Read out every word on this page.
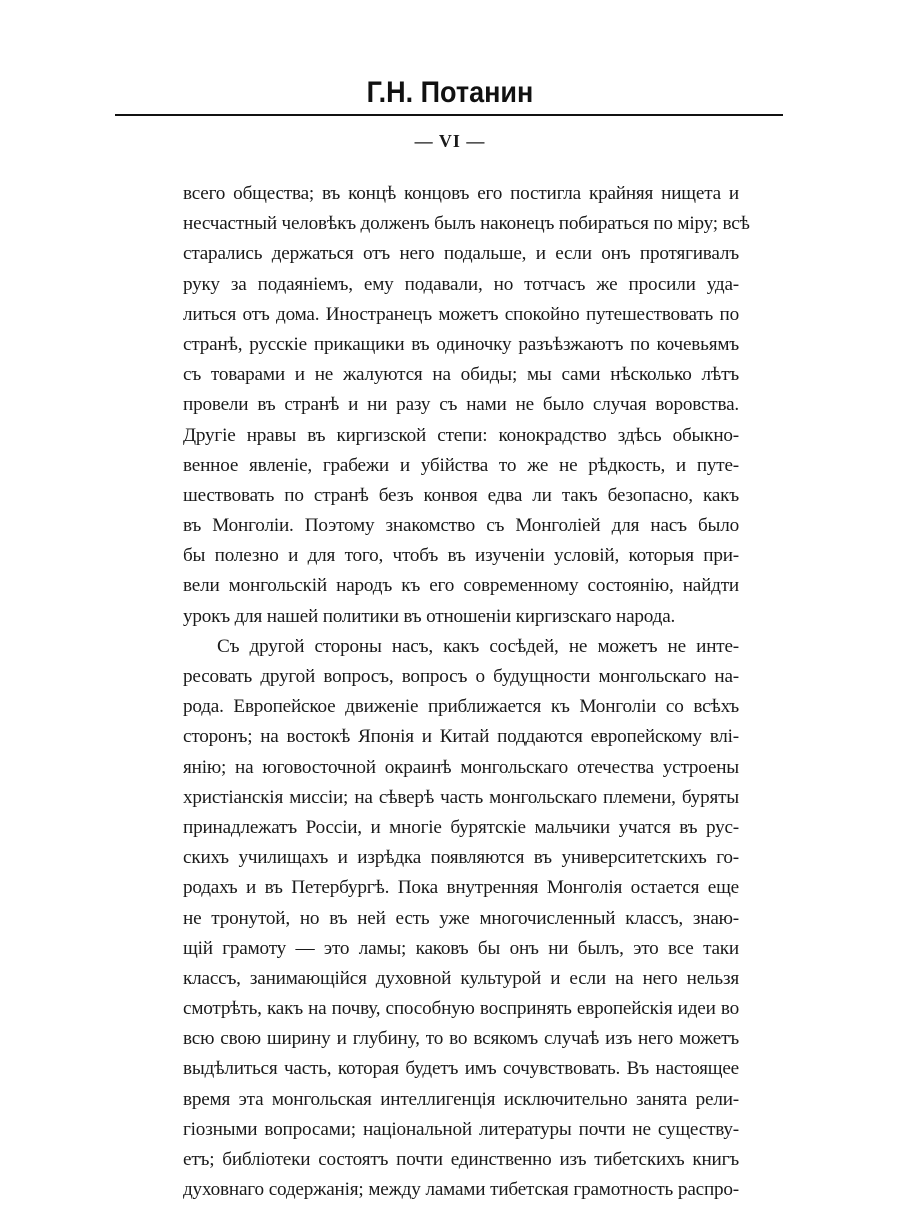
Г.Н. Потанин
— VI —
всего общества; въ концѣ концовъ его постигла крайняя нищета и
несчастный человѣкъ долженъ былъ наконецъ побираться по міру; всѣ
старались держаться отъ него подальше, и если онъ протягивалъ
руку за подаяніемъ, ему подавали, но тотчасъ же просили уда-
литься отъ дома. Иностранецъ можетъ спокойно путешествовать по
странѣ, русскіе прикащики въ одиночку разъѣзжаютъ по кочевьямъ
съ товарами и не жалуются на обиды; мы сами нѣсколько лѣтъ
провели въ странѣ и ни разу съ нами не было случая воровства.
Другіе нравы въ киргизской степи: конокрадство здѣсь обыкно-
венное явленіе, грабежи и убійства то же не рѣдкость, и путе-
шествовать по странѣ безъ конвоя едва ли такъ безопасно, какъ
въ Монголіи. Поэтому знакомство съ Монголіей для насъ было
бы полезно и для того, чтобъ въ изученіи условій, которыя при-
вели монгольскій народъ къ его современному состоянію, найдти
урокъ для нашей политики въ отношеніи киргизскаго народа.
Съ другой стороны насъ, какъ сосѣдей, не можетъ не инте-
ресовать другой вопросъ, вопросъ о будущности монгольскаго на-
рода. Европейское движеніе приближается къ Монголіи со всѣхъ
сторонъ; на востокѣ Японія и Китай поддаются европейскому влі-
янію; на юговосточной окраинѣ монгольскаго отечества устроены
христіанскія миссіи; на сѣверѣ часть монгольскаго племени, буряты
принадлежатъ Россіи, и многіе бурятскіе мальчики учатся въ рус-
скихъ училищахъ и изрѣдка появляются въ университетскихъ го-
родахъ и въ Петербургѣ. Пока внутренняя Монголія остается еще
не тронутой, но въ ней есть уже многочисленный классъ, знаю-
щій грамоту — это ламы; каковъ бы онъ ни былъ, это все таки
классъ, занимающійся духовной культурой и если на него нельзя
смотрѣть, какъ на почву, способную воспринять европейскія идеи во
всю свою ширину и глубину, то во всякомъ случаѣ изъ него можетъ
выдѣлиться часть, которая будетъ имъ сочувствовать. Въ настоящее
время эта монгольская интеллигенція исключительно занята рели-
гіозными вопросами; національной литературы почти не существу-
етъ; библіотеки состоятъ почти единственно изъ тибетскихъ книгъ
духовнаго содержанія; между ламами тибетская грамотность распро-
